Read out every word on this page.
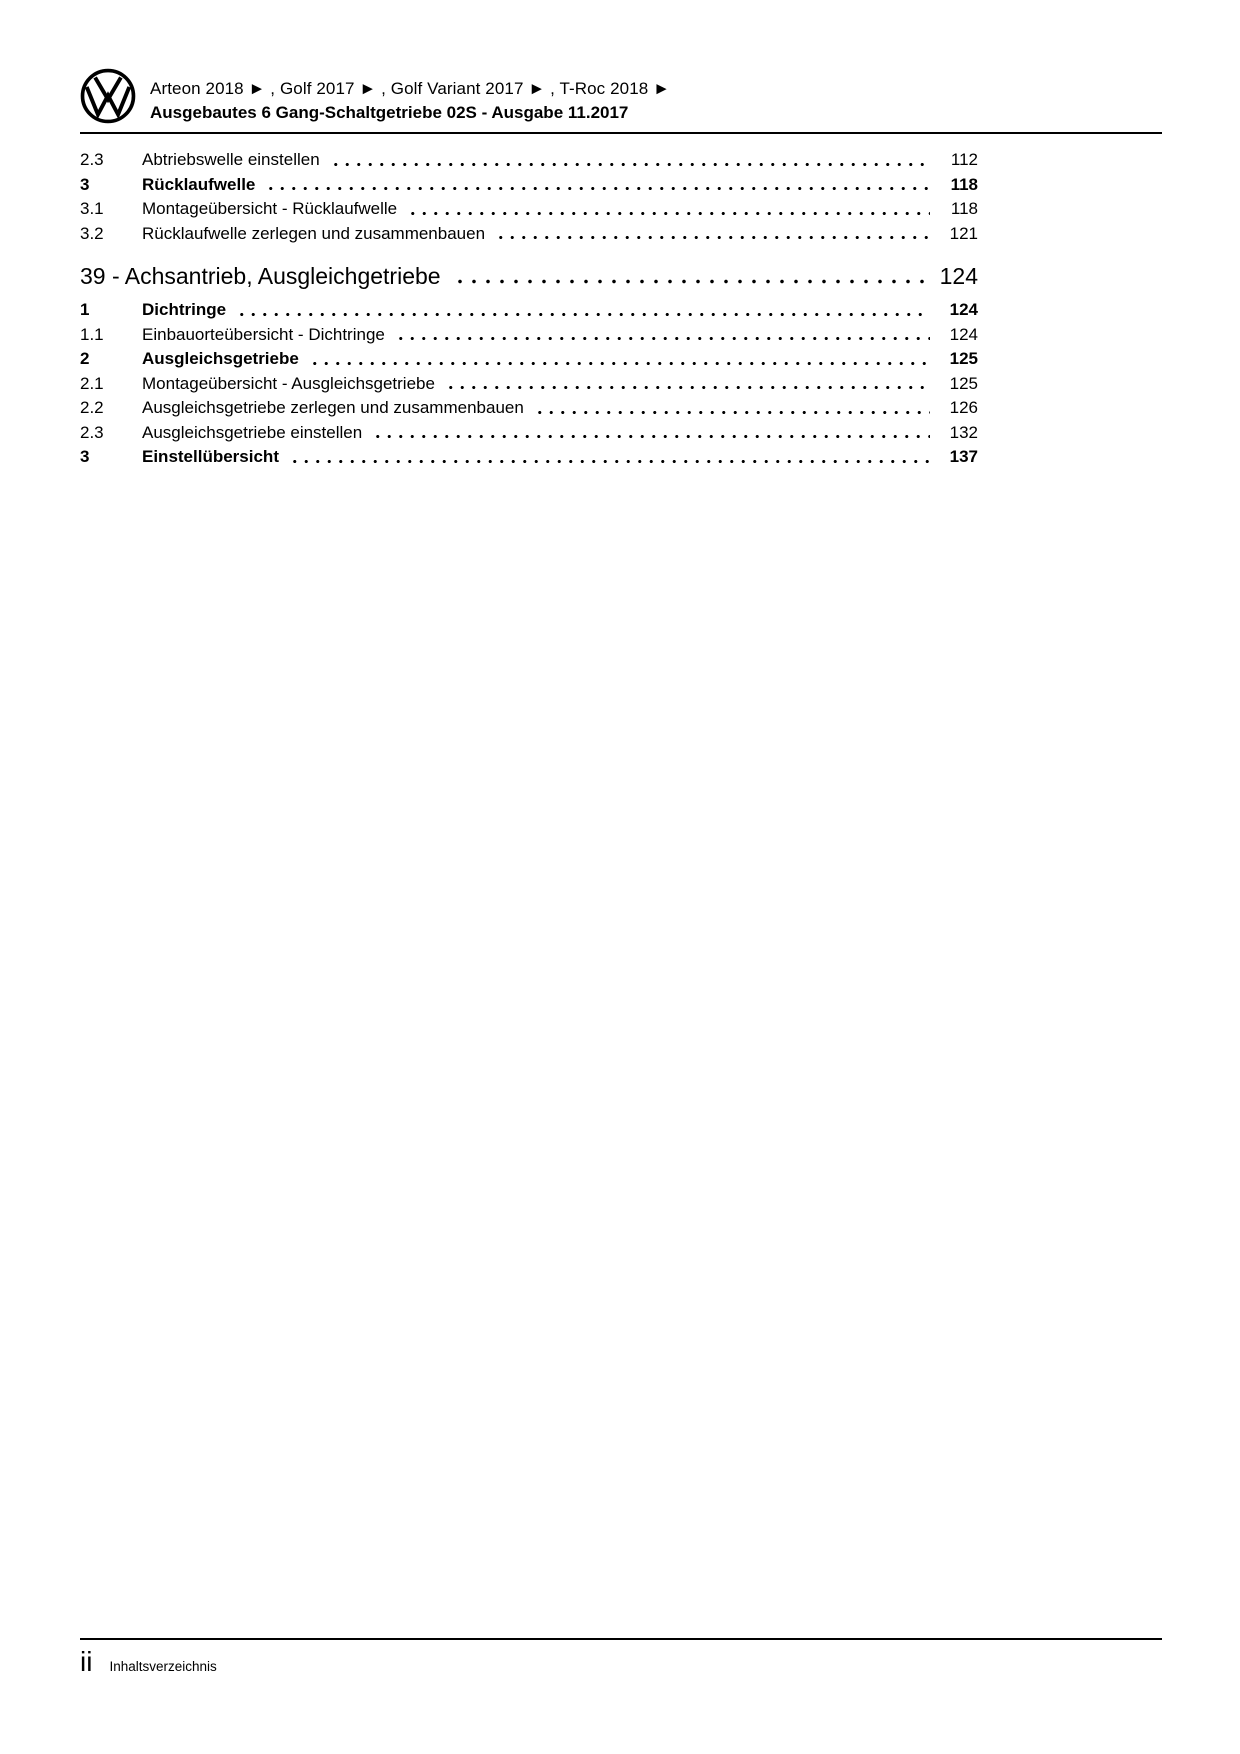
Arteon 2018 ► , Golf 2017 ► , Golf Variant 2017 ► , T-Roc 2018 ►
Ausgebautes 6 Gang-Schaltgetriebe 02S - Ausgabe 11.2017
2.3	Abtriebswelle einstellen	112
3	Rücklaufwelle	118
3.1	Montageübersicht - Rücklaufwelle	118
3.2	Rücklaufwelle zerlegen und zusammenbauen	121
39 - Achsantrieb, Ausgleichgetriebe	124
1	Dichtringe	124
1.1	Einbauorteübersicht - Dichtringe	124
2	Ausgleichsgetriebe	125
2.1	Montageübersicht - Ausgleichsgetriebe	125
2.2	Ausgleichsgetriebe zerlegen und zusammenbauen	126
2.3	Ausgleichsgetriebe einstellen	132
3	Einstellübersicht	137
ii Inhaltsverzeichnis
